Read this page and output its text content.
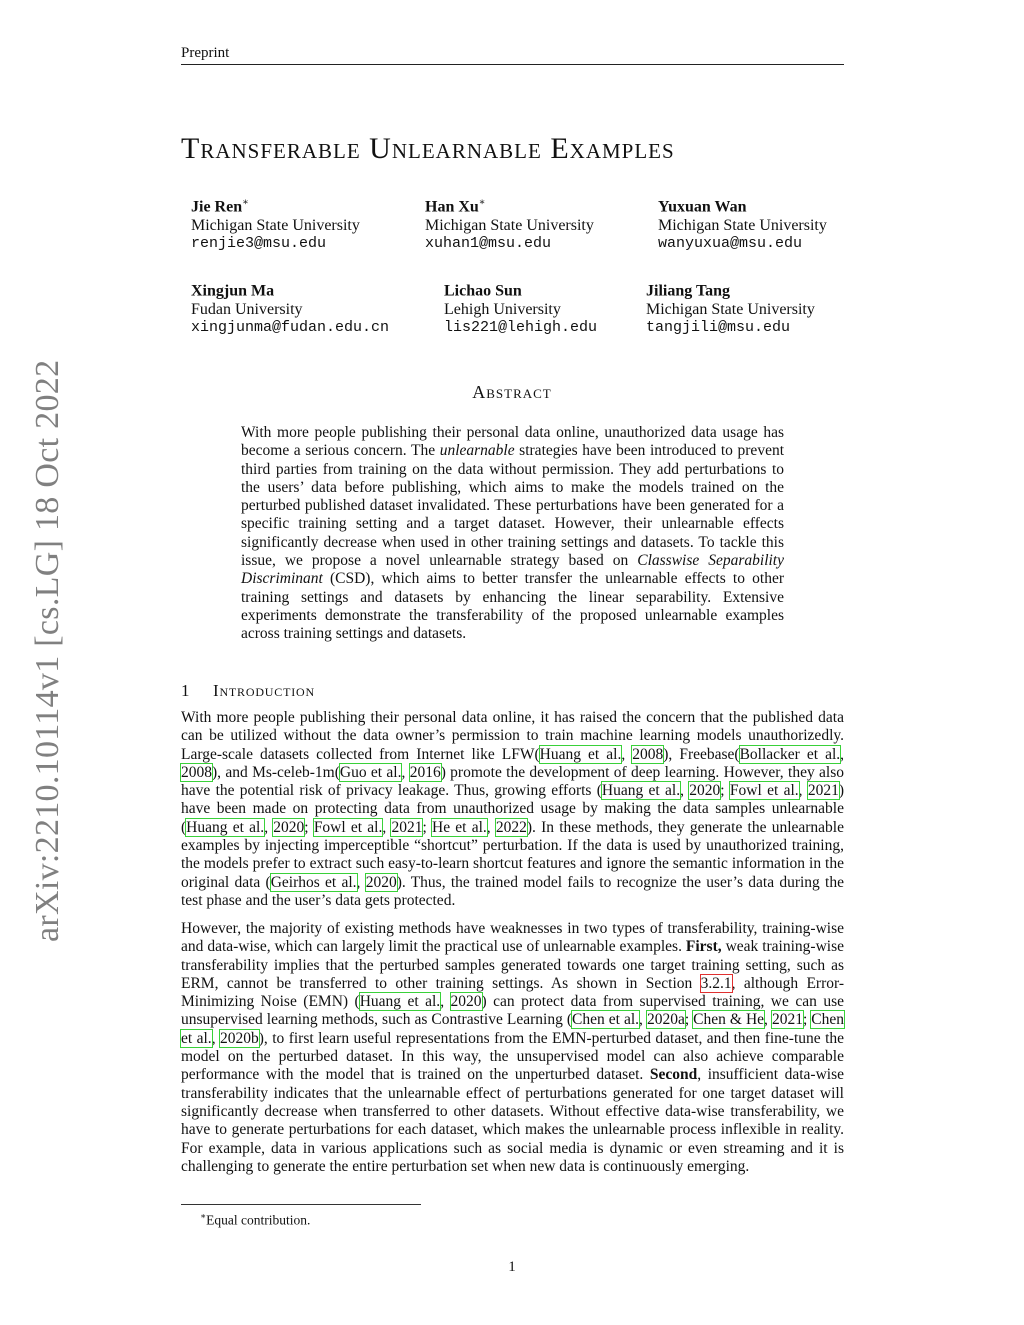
Preprint
Transferable Unlearnable Examples
Jie Ren∗
Michigan State University
renjie3@msu.edu
Han Xu∗
Michigan State University
xuhan1@msu.edu
Yuxuan Wan
Michigan State University
wanyuxua@msu.edu
Xingjun Ma
Fudan University
xingjunma@fudan.edu.cn
Lichao Sun
Lehigh University
lis221@lehigh.edu
Jiliang Tang
Michigan State University
tangjili@msu.edu
arXiv:2210.10114v1 [cs.LG] 18 Oct 2022	Abstract
With more people publishing their personal data online, unauthorized data usage has become a serious concern. The unlearnable strategies have been introduced to prevent third parties from training on the data without permission. They add perturbations to the users’ data before publishing, which aims to make the models trained on the perturbed published dataset invalidated. These perturbations have been generated for a specific training setting and a target dataset. However, their unlearnable effects significantly decrease when used in other training settings and datasets. To tackle this issue, we propose a novel unlearnable strategy based on Classwise Separability Discriminant (CSD), which aims to better transfer the unlearnable effects to other training settings and datasets by enhancing the linear separability. Extensive experiments demonstrate the transferability of the proposed unlearnable examples across training settings and datasets.
1 Introduction
With more people publishing their personal data online, it has raised the concern that the published data can be utilized without the data owner’s permission to train machine learning models unauthorizedly. Large-scale datasets collected from Internet like LFW(Huang et al., 2008), Freebase(Bollacker et al., 2008), and Ms-celeb-1m(Guo et al., 2016) promote the development of deep learning. However, they also have the potential risk of privacy leakage. Thus, growing efforts (Huang et al., 2020; Fowl et al., 2021) have been made on protecting data from unauthorized usage by making the data samples unlearnable (Huang et al., 2020; Fowl et al., 2021; He et al., 2022). In these methods, they generate the unlearnable examples by injecting imperceptible “shortcut” perturbation. If the data is used by unauthorized training, the models prefer to extract such easy-to-learn shortcut features and ignore the semantic information in the original data (Geirhos et al., 2020). Thus, the trained model fails to recognize the user’s data during the test phase and the user’s data gets protected.
However, the majority of existing methods have weaknesses in two types of transferability, training-wise and data-wise, which can largely limit the practical use of unlearnable examples. First, weak training-wise transferability implies that the perturbed samples generated towards one target training setting, such as ERM, cannot be transferred to other training settings. As shown in Section 3.2.1, although Error-Minimizing Noise (EMN) (Huang et al., 2020) can protect data from supervised training, we can use unsupervised learning methods, such as Contrastive Learning (Chen et al., 2020a; Chen & He, 2021; Chen et al., 2020b), to first learn useful representations from the EMN-perturbed dataset, and then fine-tune the model on the perturbed dataset. In this way, the unsupervised model can also achieve comparable performance with the model that is trained on the unperturbed dataset. Second, insufficient data-wise transferability indicates that the unlearnable effect of perturbations generated for one target dataset will significantly decrease when transferred to other datasets. Without effective data-wise transferability, we have to generate perturbations for each dataset, which makes the unlearnable process inflexible in reality. For example, data in various applications such as social media is dynamic or even streaming and it is challenging to generate the entire perturbation set when new data is continuously emerging.
∗Equal contribution.
1
